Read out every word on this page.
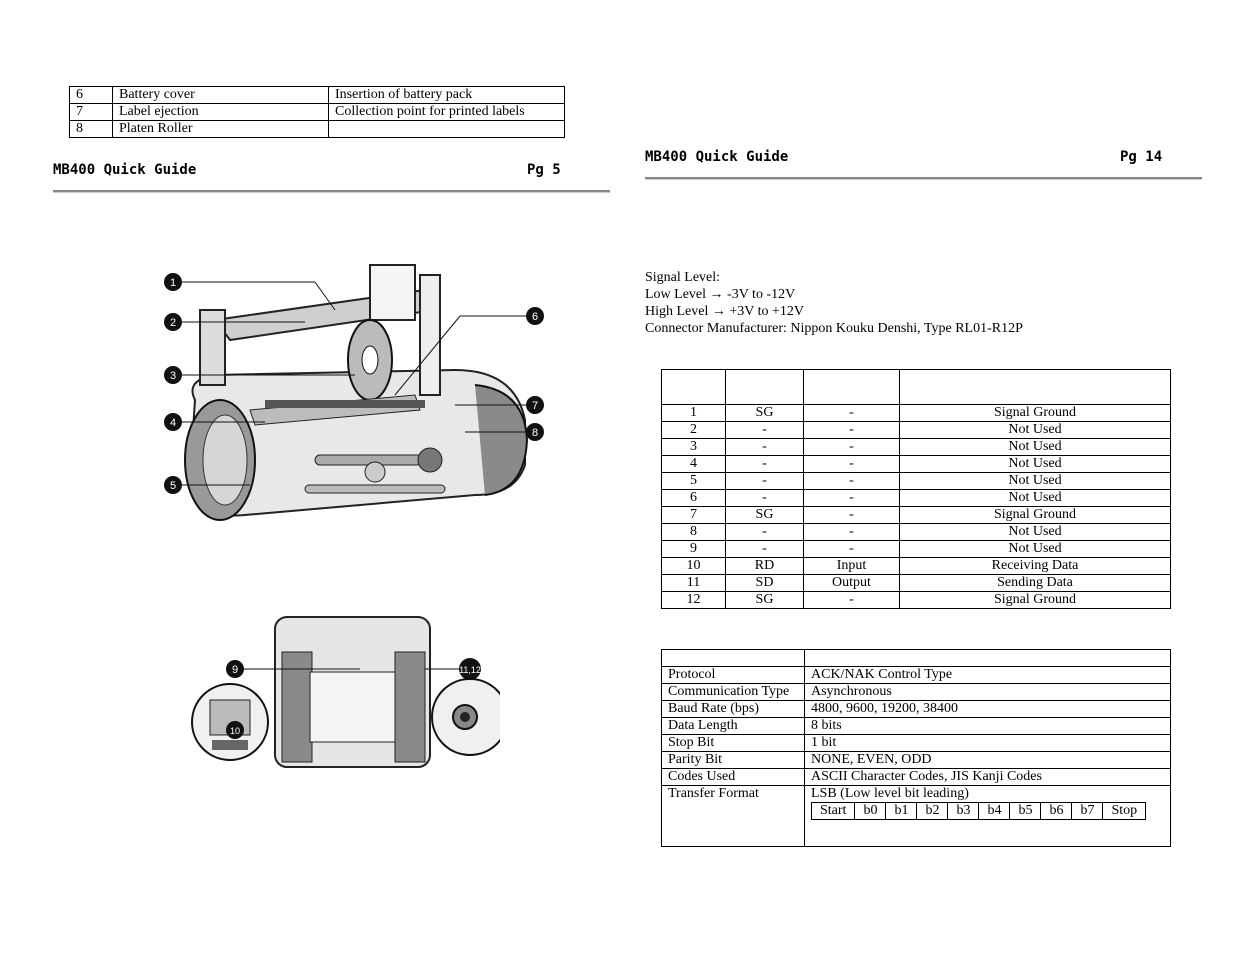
6	Battery cover	Insertion of battery pack
7	Label ejection	Collection point for printed labels
8	Platen Roller	
MB400 Quick Guide	Pg 5
1
2
3
4
5
6
7
8
9
10
11,12
MB400 Quick Guide	Pg 14
Signal Level:
Low Level → -3V to -12V
High Level → +3V to +12V
Connector Manufacturer: Nippon Kouku Denshi, Type RL01-R12P

1	SG	-	Signal Ground
2	-	-	Not Used
3	-	-	Not Used
4	-	-	Not Used
5	-	-	Not Used
6	-	-	Not Used
7	SG	-	Signal Ground
8	-	-	Not Used
9	-	-	Not Used
10	RD	Input	Receiving Data
11	SD	Output	Sending Data
12	SG	-	Signal Ground

Protocol	ACK/NAK Control Type
Communication Type	Asynchronous
Baud Rate (bps)	4800, 9600, 19200, 38400
Data Length	8 bits
Stop Bit	1 bit
Parity Bit	NONE, EVEN, ODD
Codes Used	ASCII Character Codes, JIS Kanji Codes
Transfer Format	LSB (Low level bit leading)
Start	b0	b1	b2	b3	b4	b5	b6	b7	Stop
